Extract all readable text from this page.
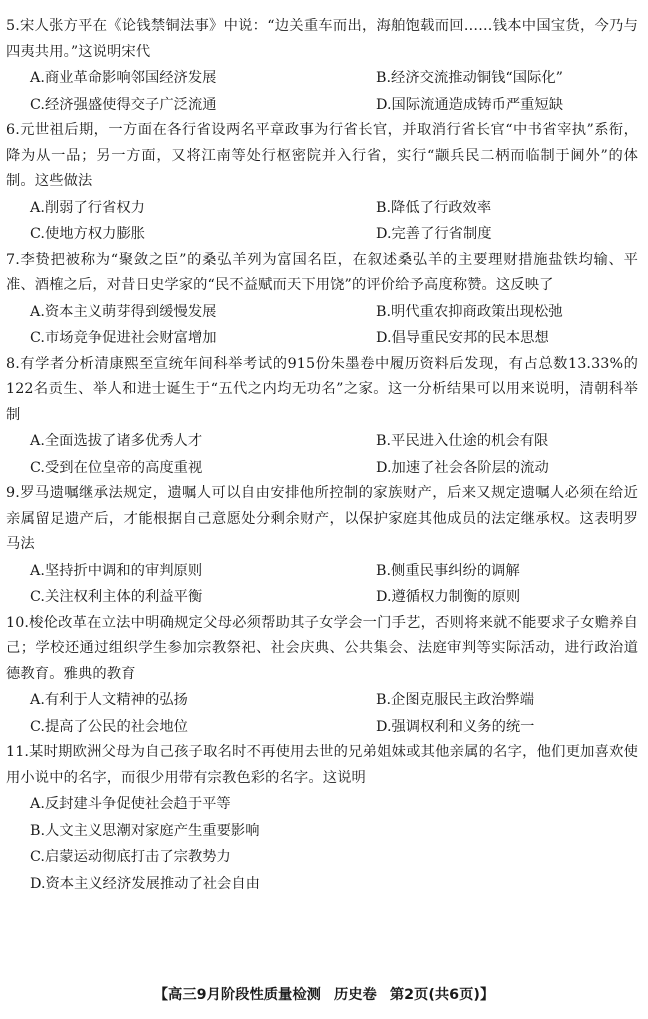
5.宋人张方平在《论钱禁铜法事》中说：“边关重车而出，海舶饱载而回……钱本中国宝货，今乃与四夷共用。”这说明宋代
A.商业革命影响邻国经济发展	B.经济交流推动铜钱“国际化”
C.经济强盛使得交子广泛流通	D.国际流通造成铸币严重短缺
6.元世祖后期，一方面在各行省设两名平章政事为行省长官，并取消行省长官“中书省宰执”系衔，降为从一品；另一方面，又将江南等处行枢密院并入行省，实行“颛兵民二柄而临制于阃外”的体制。这些做法
A.削弱了行省权力	B.降低了行政效率
C.使地方权力膨胀	D.完善了行省制度
7.李贽把被称为“聚敛之臣”的桑弘羊列为富国名臣，在叙述桑弘羊的主要理财措施盐铁均输、平准、酒榷之后，对昔日史学家的“民不益赋而天下用饶”的评价给予高度称赞。这反映了
A.资本主义萌芽得到缓慢发展	B.明代重农抑商政策出现松弛
C.市场竞争促进社会财富增加	D.倡导重民安邦的民本思想
8.有学者分析清康熙至宣统年间科举考试的915份朱墨卷中履历资料后发现，有占总数13.33%的122名贡生、举人和进士诞生于“五代之内均无功名”之家。这一分析结果可以用来说明，清朝科举制
A.全面选拔了诸多优秀人才	B.平民进入仕途的机会有限
C.受到在位皇帝的高度重视	D.加速了社会各阶层的流动
9.罗马遗嘱继承法规定，遗嘱人可以自由安排他所控制的家族财产，后来又规定遗嘱人必须在给近亲属留足遗产后，才能根据自己意愿处分剩余财产，以保护家庭其他成员的法定继承权。这表明罗马法
A.坚持折中调和的审判原则	B.侧重民事纠纷的调解
C.关注权利主体的利益平衡	D.遵循权力制衡的原则
10.梭伦改革在立法中明确规定父母必须帮助其子女学会一门手艺，否则将来就不能要求子女赡养自己；学校还通过组织学生参加宗教祭祀、社会庆典、公共集会、法庭审判等实际活动，进行政治道德教育。雅典的教育
A.有利于人文精神的弘扬	B.企图克服民主政治弊端
C.提高了公民的社会地位	D.强调权利和义务的统一
11.某时期欧洲父母为自己孩子取名时不再使用去世的兄弟姐妹或其他亲属的名字，他们更加喜欢使用小说中的名字，而很少用带有宗教色彩的名字。这说明
A.反封建斗争促使社会趋于平等
B.人文主义思潮对家庭产生重要影响
C.启蒙运动彻底打击了宗教势力
D.资本主义经济发展推动了社会自由
【高三9月阶段性质量检测 历史卷 第2页(共6页)】
